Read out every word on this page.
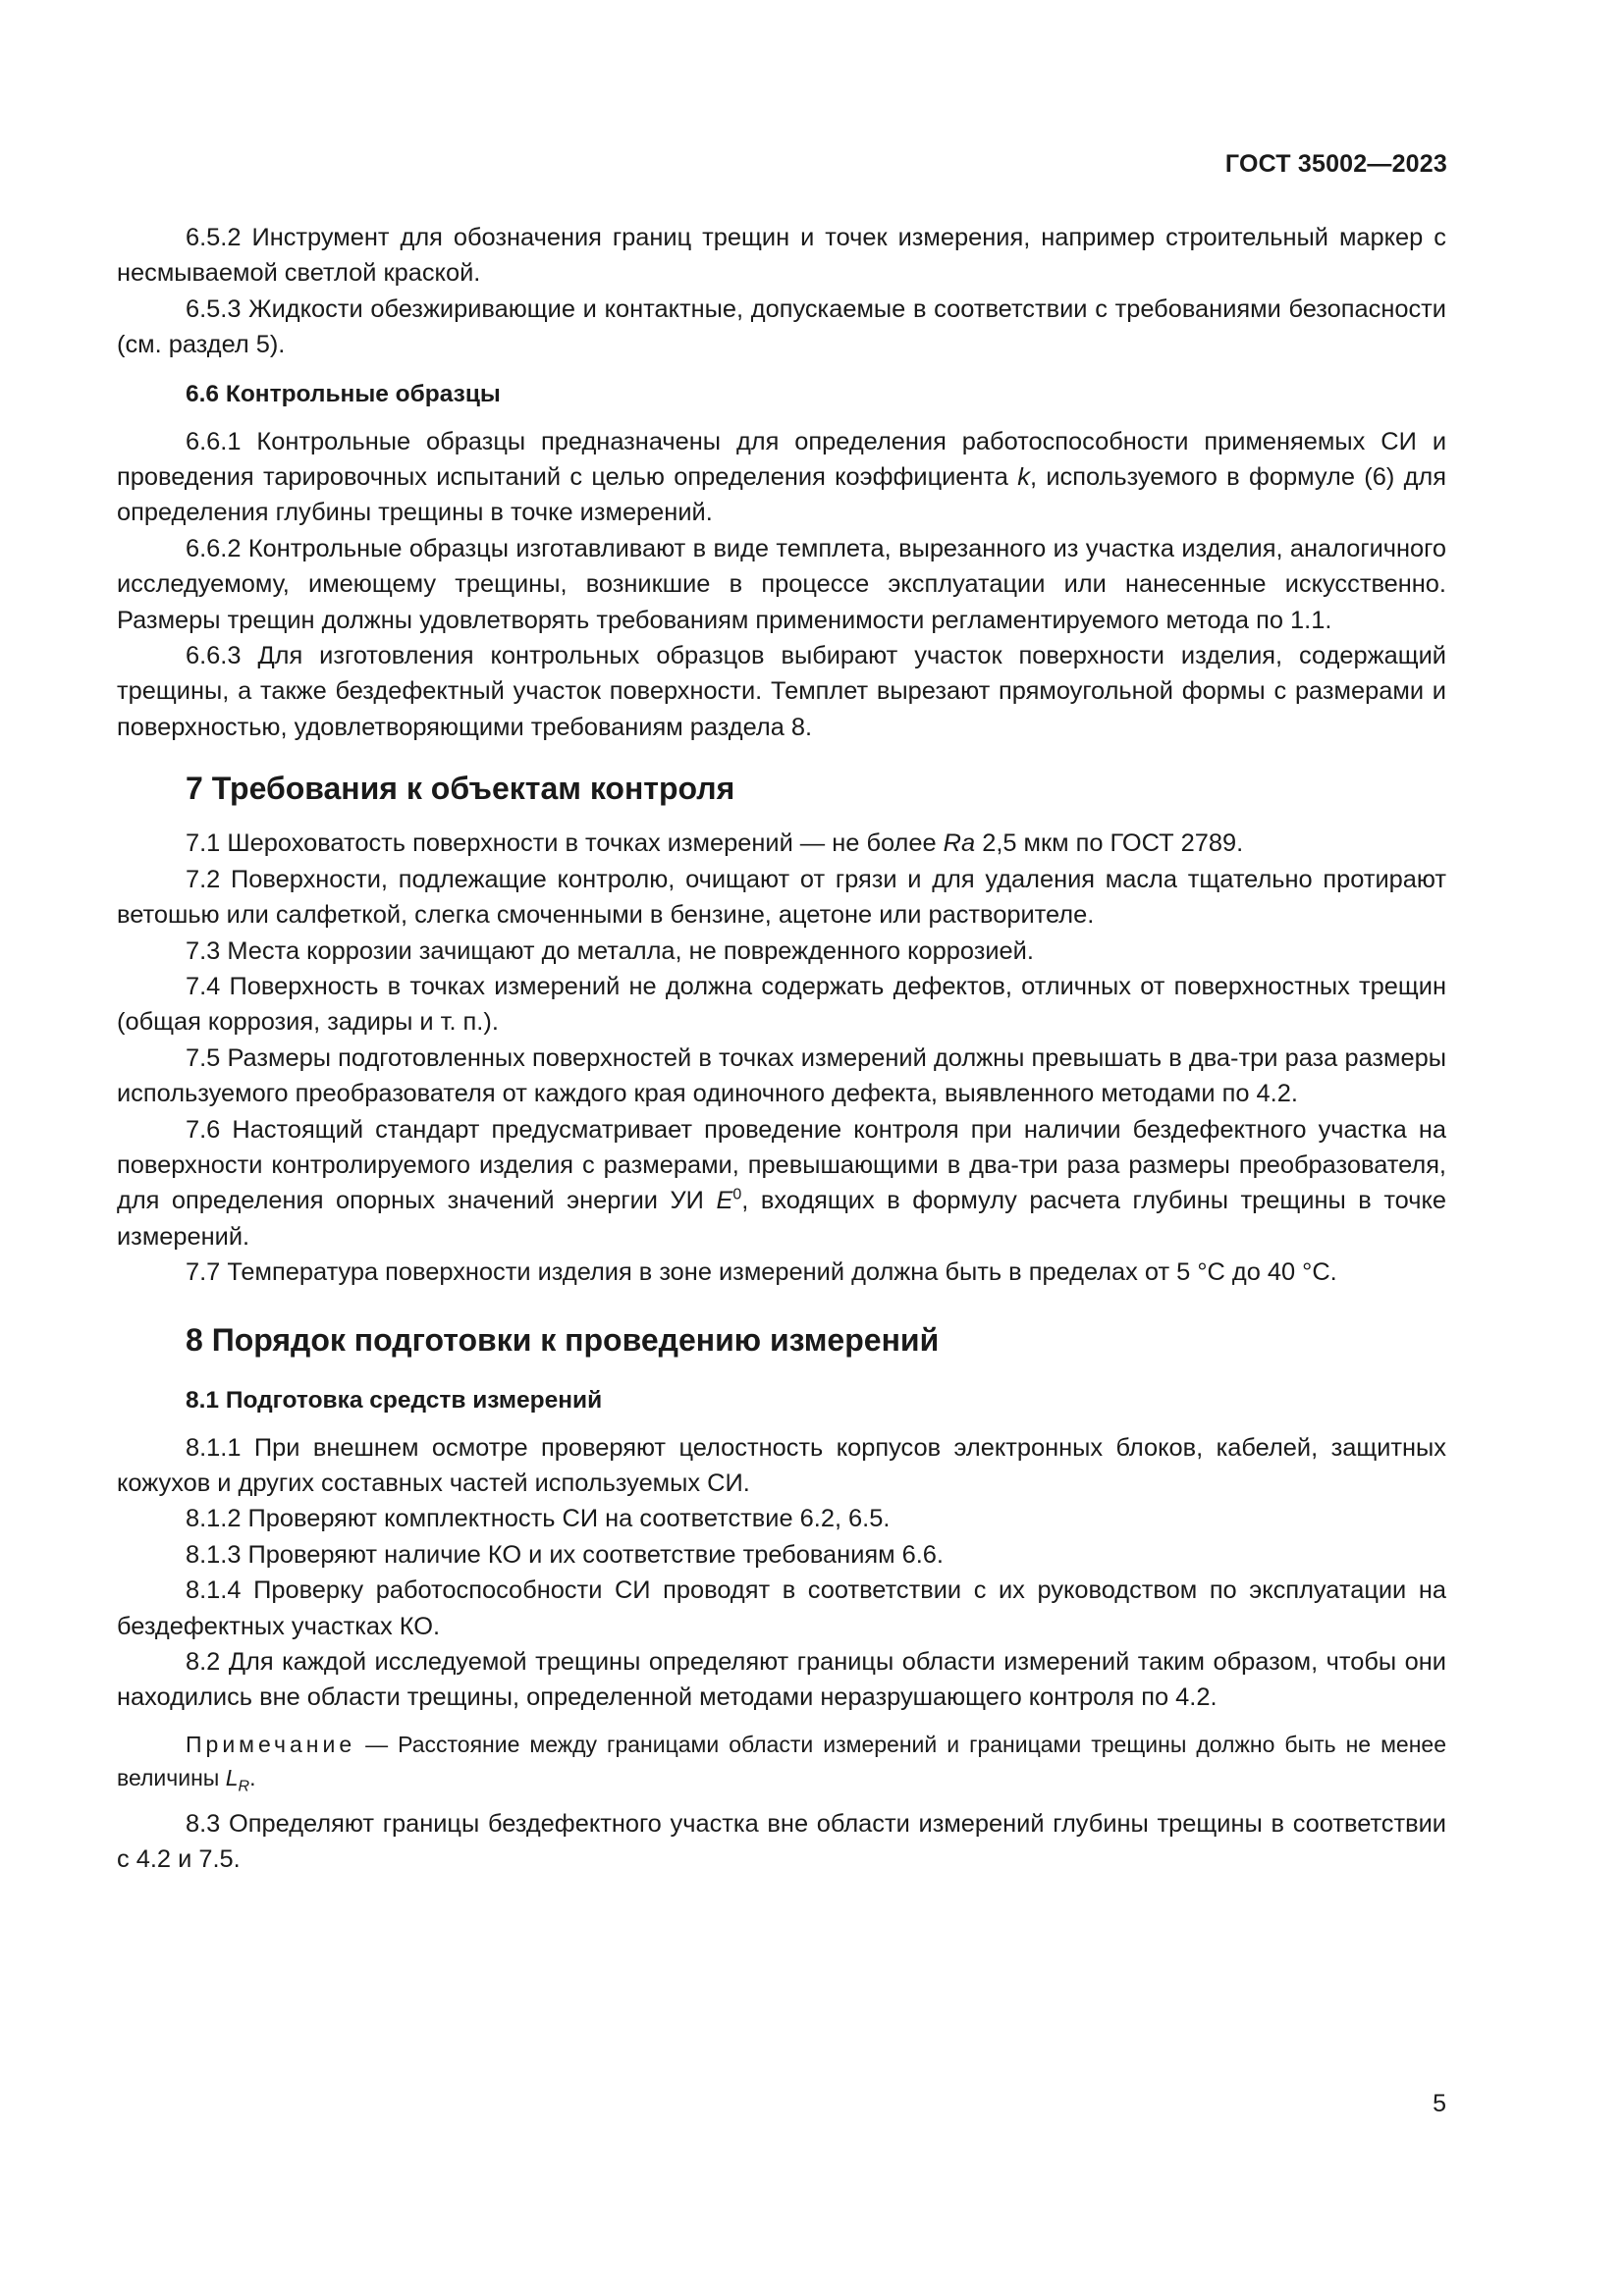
ГОСТ 35002—2023

6.5.2 Инструмент для обозначения границ трещин и точек измерения, например строительный маркер с несмываемой светлой краской.

6.5.3 Жидкости обезжиривающие и контактные, допускаемые в соответствии с требованиями безопасности (см. раздел 5).

6.6 Контрольные образцы

6.6.1 Контрольные образцы предназначены для определения работоспособности применяемых СИ и проведения тарировочных испытаний с целью определения коэффициента k, используемого в формуле (6) для определения глубины трещины в точке измерений.

6.6.2 Контрольные образцы изготавливают в виде темплета, вырезанного из участка изделия, аналогичного исследуемому, имеющему трещины, возникшие в процессе эксплуатации или нанесенные искусственно. Размеры трещин должны удовлетворять требованиям применимости регламентируемого метода по 1.1.

6.6.3 Для изготовления контрольных образцов выбирают участок поверхности изделия, содержащий трещины, а также бездефектный участок поверхности. Темплет вырезают прямоугольной формы с размерами и поверхностью, удовлетворяющими требованиям раздела 8.

7 Требования к объектам контроля

7.1 Шероховатость поверхности в точках измерений — не более Ra 2,5 мкм по ГОСТ 2789.

7.2 Поверхности, подлежащие контролю, очищают от грязи и для удаления масла тщательно протирают ветошью или салфеткой, слегка смоченными в бензине, ацетоне или растворителе.

7.3 Места коррозии зачищают до металла, не поврежденного коррозией.

7.4 Поверхность в точках измерений не должна содержать дефектов, отличных от поверхностных трещин (общая коррозия, задиры и т. п.).

7.5 Размеры подготовленных поверхностей в точках измерений должны превышать в два-три раза размеры используемого преобразователя от каждого края одиночного дефекта, выявленного методами по 4.2.

7.6 Настоящий стандарт предусматривает проведение контроля при наличии бездефектного участка на поверхности контролируемого изделия с размерами, превышающими в два-три раза размеры преобразователя, для определения опорных значений энергии УИ $E^0$, входящих в формулу расчета глубины трещины в точке измерений.

7.7 Температура поверхности изделия в зоне измерений должна быть в пределах от 5 °С до 40 °С.

8 Порядок подготовки к проведению измерений
8.1 Подготовка средств измерений

8.1.1 При внешнем осмотре проверяют целостность корпусов электронных блоков, кабелей, защитных кожухов и других составных частей используемых СИ.

8.1.2 Проверяют комплектность СИ на соответствие 6.2, 6.5.

8.1.3 Проверяют наличие КО и их соответствие требованиям 6.6.

8.1.4 Проверку работоспособности СИ проводят в соответствии с их руководством по эксплуатации на бездефектных участках КО.

8.2 Для каждой исследуемой трещины определяют границы области измерений таким образом, чтобы они находились вне области трещины, определенной методами неразрушающего контроля по 4.2.

Примечание — Расстояние между границами области измерений и границами трещины должно быть не менее величины $L_R$.

8.3 Определяют границы бездефектного участка вне области измерений глубины трещины в соответствии с 4.2 и 7.5.

5
